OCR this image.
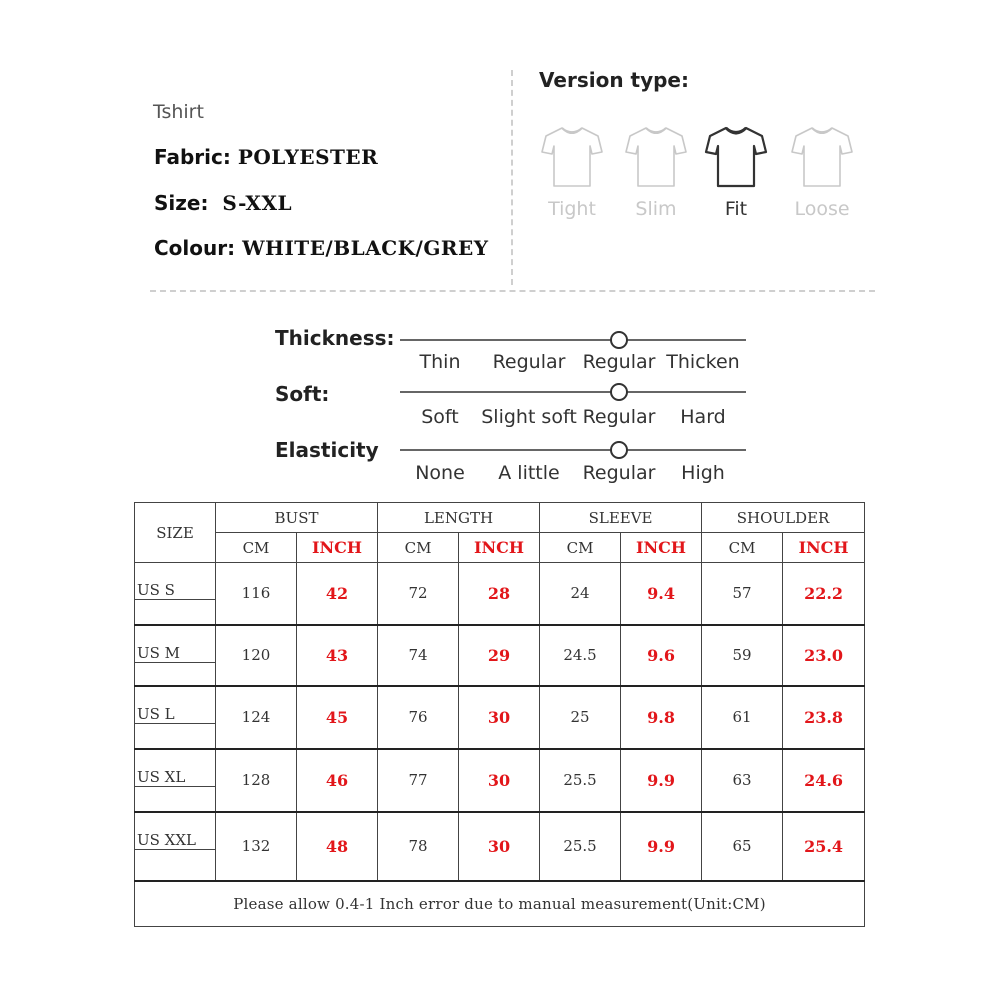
Tshirt
Fabric: POLYESTER
Size: S-XXL
Colour: WHITE/BLACK/GREY
Version type:
Tight	Slim	Fit	Loose
Thickness:
Thin Regular Regular Thicken
Soft:
Soft Slight soft Regular Hard
Elasticity
None A little Regular High
SIZE	BUST		LENGTH		SLEEVE		SHOULDER	
	CM	INCH	CM	INCH	CM	INCH	CM	INCH

US S	116	42	72	28	24	9.4	57	22.2

US M	120	43	74	29	24.5	9.6	59	23.0

US L	124	45	76	30	25	9.8	61	23.8

US XL	128	46	77	30	25.5	9.9	63	24.6

US XXL	132	48	78	30	25.5	9.9	65	25.4
Please allow 0.4-1 Inch error due to manual measurement(Unit:CM)								
